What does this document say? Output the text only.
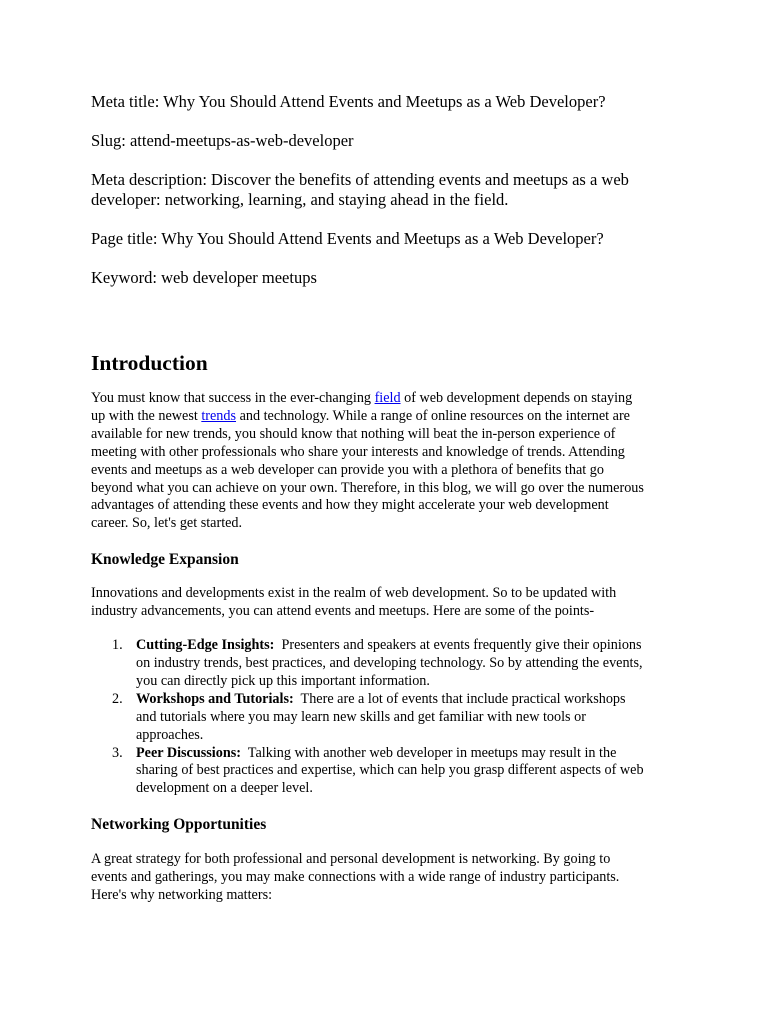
Meta title: Why You Should Attend Events and Meetups as a Web Developer?

Slug: attend-meetups-as-web-developer

Meta description: Discover the benefits of attending events and meetups as a web

developer: networking, learning, and staying ahead in the field.

Page title: Why You Should Attend Events and Meetups as a Web Developer?

Keyword: web developer meetups

Introduction

You must know that success in the ever-changing field of web development depends on staying

up with the newest trends and technology. While a range of online resources on the internet are

available for new trends, you should know that nothing will beat the in-person experience of

meeting with other professionals who share your interests and knowledge of trends. Attending

events and meetups as a web developer can provide you with a plethora of benefits that go

beyond what you can achieve on your own. Therefore, in this blog, we will go over the numerous

advantages of attending these events and how they might accelerate your web development

career. So, let's get started.

Knowledge Expansion

Innovations and developments exist in the realm of web development. So to be updated with

industry advancements, you can attend events and meetups. Here are some of the points-

1. Cutting-Edge Insights:  Presenters and speakers at events frequently give their opinions

on industry trends, best practices, and developing technology. So by attending the events,

you can directly pick up this important information.

2. Workshops and Tutorials:  There are a lot of events that include practical workshops

and tutorials where you may learn new skills and get familiar with new tools or

approaches.

3. Peer Discussions:  Talking with another web developer in meetups may result in the

sharing of best practices and expertise, which can help you grasp different aspects of web

development on a deeper level.

Networking Opportunities

A great strategy for both professional and personal development is networking. By going to

events and gatherings, you may make connections with a wide range of industry participants.

Here's why networking matters:
